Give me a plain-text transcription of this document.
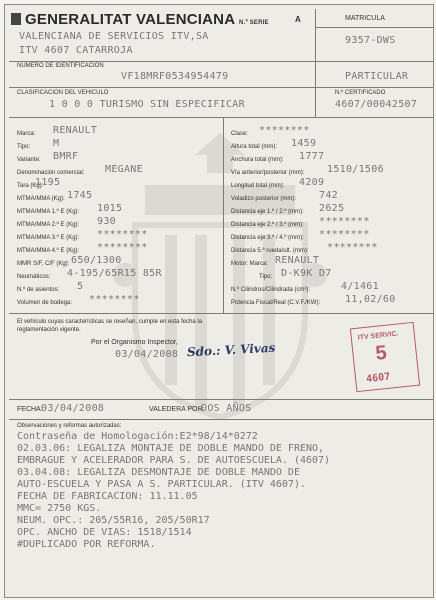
GENERALITAT VALENCIANA N.º SERIE	A	MATRICULA
9357-DWS
VALENCIANA DE SERVICIOS ITV,SA
ITV 4607 CATARROJA
NUMERO DE IDENTIFICACION
VF18MRF0534954479	PARTICULAR
CLASIFICACION DEL VEHICULO
1 0 0 0 TURISMO SIN ESPECIFICAR
N.º CERTIFICADO
4607/00042507
Marca: RENAULT
Tipo: M
Variante: BMRF
Denominación comercial: MEGANE
Tara (Kg):
1195
MTMA/MMA (Kg): 1745
MTMA/MMA 1.º E (Kg): 1015
MTMA/MMA 2.º E (Kg): 930
MTMA/MMA 3.º E (Kg): ********
MTMA/MMA 4.º E (Kg): ********
MMR S/F, C/F (Kg): 650/1300
Neumáticos: 4-195/65R15 85R
N.º de asientos: 5
Volumen de bodega: ********
Clase: ********
Altura total (mm): 1459
Anchura total (mm): 1777
Vía anterior/posterior (mm): 1510/1506
Longitud total (mm): 4209
Voladizo posterior (mm): 742
Distancia eje 1.º / 2.º (mm): 2625
Distancia eje 2.º / 3.º (mm): ********
Distancia eje 3.º / 4.º (mm): ********
Distancia 5.ª rueda/ult. (mm): ********
Motor: Marca: RENAULT
Tipo: D-K9K D7
N.º Cilindros/Cilindrada (cm³):	4/1461
Potencia Fiscal/Real (C.V.F./KW): 11,02/60
El vehículo cuyas características se reseñan, cumple en esta fecha la
reglamentación vigente.
Por el Organismo Inspector,
03/04/2008 Sdo.: V. Vivas
ITV SERVIC.
5
4607
FECHA:
03/04/2008	VALEDERA POR:
DOS AÑOS
Observaciones y reformas autorizadas:
Contraseña de Homologación:E2*98/14*0272
02.03.06: LEGALIZA MONTAJE DE DOBLE MANDO DE FRENO,
EMBRAGUE Y ACELERADOR PARA S. DE AUTOESCUELA. (4607)
03.04.08: LEGALIZA DESMONTAJE DE DOBLE MANDO DE
AUTO-ESCUELA Y PASA A S. PARTICULAR. (ITV 4607).
FECHA DE FABRICACION: 11.11.05
MMC= 2750 KGS.
NEUM. OPC.: 205/55R16, 205/50R17
OPC. ANCHO DE VIAS: 1518/1514
#DUPLICADO POR REFORMA.
